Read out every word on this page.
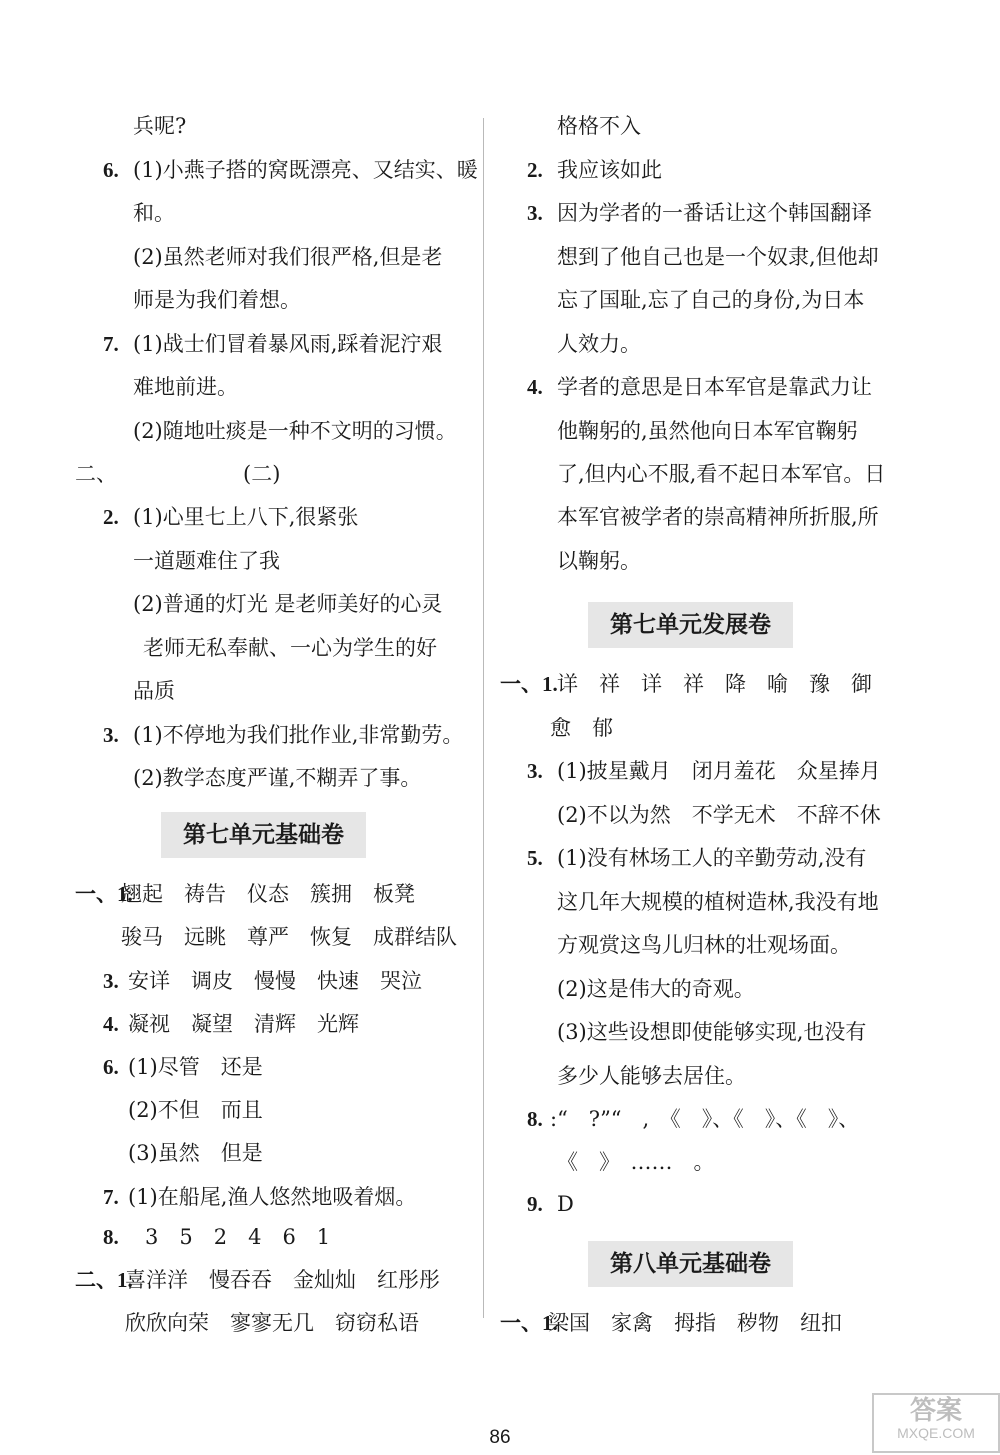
兵呢?
6. (1)小燕子搭的窝既漂亮、又结实、暖
和。
(2)虽然老师对我们很严格,但是老
师是为我们着想。
7. (1)战士们冒着暴风雨,踩着泥泞艰
难地前进。
(2)随地吐痰是一种不文明的习惯。
二、	(二)
2. (1)心里七上八下,很紧张
一道题难住了我
(2)普通的灯光 是老师美好的心灵
老师无私奉献、一心为学生的好
品质
3. (1)不停地为我们批作业,非常勤劳。
(2)教学态度严谨,不糊弄了事。
第七单元基础卷
一、1.
翘起　祷告　仪态　簇拥　板凳
骏马　远眺　尊严　恢复　成群结队
3. 安详　调皮　慢慢　快速　哭泣
4. 凝视　凝望　清辉　光辉
6. (1)尽管　还是
(2)不但　而且
(3)虽然　但是
7. (1)在船尾,渔人悠然地吸着烟。
8. 3　5　2　4　6　1
二、1.
喜洋洋　慢吞吞　金灿灿　红彤彤
欣欣向荣　寥寥无几　窃窃私语
格格不入
2. 我应该如此
3. 因为学者的一番话让这个韩国翻译
想到了他自己也是一个奴隶,但他却
忘了国耻,忘了自己的身份,为日本
人效力。
4. 学者的意思是日本军官是靠武力让
他鞠躬的,虽然他向日本军官鞠躬
了,但内心不服,看不起日本军官。日
本军官被学者的崇高精神所折服,所
以鞠躬。
第七单元发展卷
一、1. 详　祥　详　祥　降　喻　豫　御
愈　郁
3. (1)披星戴月　闭月羞花　众星捧月
(2)不以为然　不学无术　不辞不休
5. (1)没有林场工人的辛勤劳动,没有
这几年大规模的植树造林,我没有地
方观赏这鸟儿归林的壮观场面。
(2)这是伟大的奇观。
(3)这些设想即使能够实现,也没有
多少人能够去居住。
8. :“　?”“　,　《　》、《　》、《　》、
《　》　……　。
9. D
第八单元基础卷
一、1.
梁国　家禽　拇指　秽物　纽扣
86
答案
MXQE.COM
